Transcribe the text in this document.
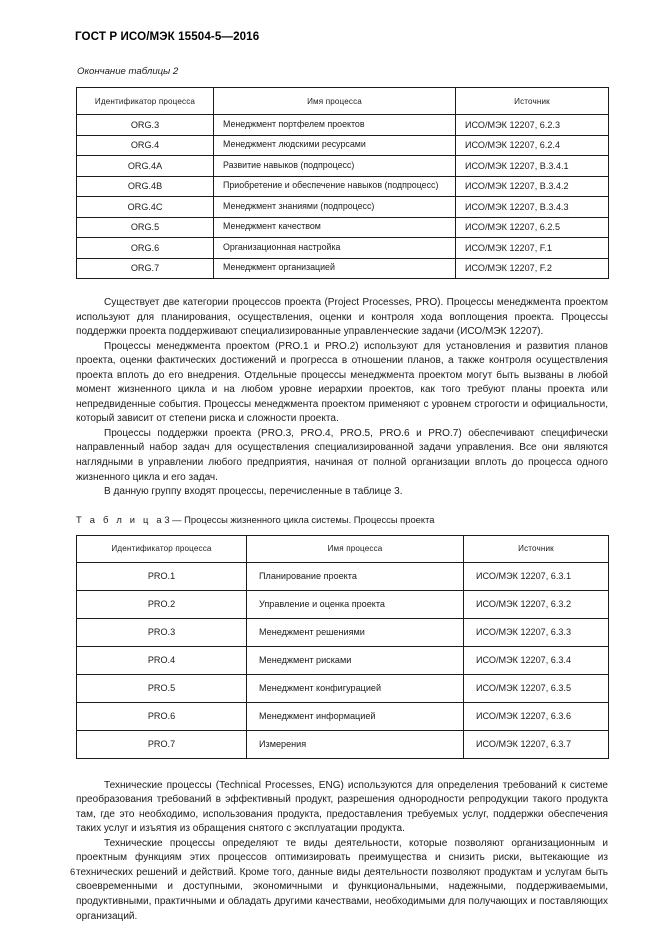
ГОСТ Р ИСО/МЭК 15504-5—2016
Окончание таблицы 2
Идентификатор процесса	Имя процесса	Источник
ORG.3	Менеджмент портфелем проектов	ИСО/МЭК 12207, 6.2.3
ORG.4	Менеджмент людскими ресурсами	ИСО/МЭК 12207, 6.2.4
ORG.4A	Развитие навыков (подпроцесс)	ИСО/МЭК 12207, B.3.4.1
ORG.4B	Приобретение и обеспечение навыков (подпроцесс)	ИСО/МЭК 12207, B.3.4.2
ORG.4C	Менеджмент знаниями (подпроцесс)	ИСО/МЭК 12207, B.3.4.3
ORG.5	Менеджмент качеством	ИСО/МЭК 12207, 6.2.5
ORG.6	Организационная настройка	ИСО/МЭК 12207, F.1
ORG.7	Менеджмент организацией	ИСО/МЭК 12207, F.2

Существует две категории процессов проекта (Project Processes, PRO). Процессы менеджмента проектом используют для планирования, осуществления, оценки и контроля хода воплощения проекта. Процессы поддержки проекта поддерживают специализированные управленческие задачи (ИСО/МЭК 12207).

Процессы менеджмента проектом (PRO.1 и PRO.2) используют для установления и развития планов проекта, оценки фактических достижений и прогресса в отношении планов, а также контроля осуществления проекта вплоть до его внедрения. Отдельные процессы менеджмента проектом могут быть вызваны в любой момент жизненного цикла и на любом уровне иерархии проектов, как того требуют планы проекта или непредвиденные события. Процессы менеджмента проектом применяют с уровнем строгости и официальности, который зависит от степени риска и сложности проекта.

Процессы поддержки проекта (PRO.3, PRO.4, PRO.5, PRO.6 и PRO.7) обеспечивают специфически направленный набор задач для осуществления специализированной задачи управления. Все они являются наглядными в управлении любого предприятия, начиная от полной организации вплоть до процесса одного жизненного цикла и его задач.

В данную группу входят процессы, перечисленные в таблице 3.

Т а б л и ц а3 — Процессы жизненного цикла системы. Процессы проекта
Идентификатор процесса	Имя процесса	Источник
PRO.1	Планирование проекта	ИСО/МЭК 12207, 6.3.1
PRO.2	Управление и оценка проекта	ИСО/МЭК 12207, 6.3.2
PRO.3	Менеджмент решениями	ИСО/МЭК 12207, 6.3.3
PRO.4	Менеджмент рисками	ИСО/МЭК 12207, 6.3.4
PRO.5	Менеджмент конфигурацией	ИСО/МЭК 12207, 6.3.5
PRO.6	Менеджмент информацией	ИСО/МЭК 12207, 6.3.6
PRO.7	Измерения	ИСО/МЭК 12207, 6.3.7

Технические процессы (Technical Processes, ENG) используются для определения требований к системе преобразования требований в эффективный продукт, разрешения однородности репродукции такого продукта там, где это необходимо, использования продукта, предоставления требуемых услуг, поддержки обеспечения таких услуг и изъятия из обращения снятого с эксплуатации продукта.

Технические процессы определяют те виды деятельности, которые позволяют организационным и проектным функциям этих процессов оптимизировать преимущества и снизить риски, вытекающие из технических решений и действий. Кроме того, данные виды деятельности позволяют продуктам и услугам быть своевременными и доступными, экономичными и функциональными, надежными, поддерживаемыми, продуктивными, практичными и обладать другими качествами, необходимыми для получающих и поставляющих организаций.

6
